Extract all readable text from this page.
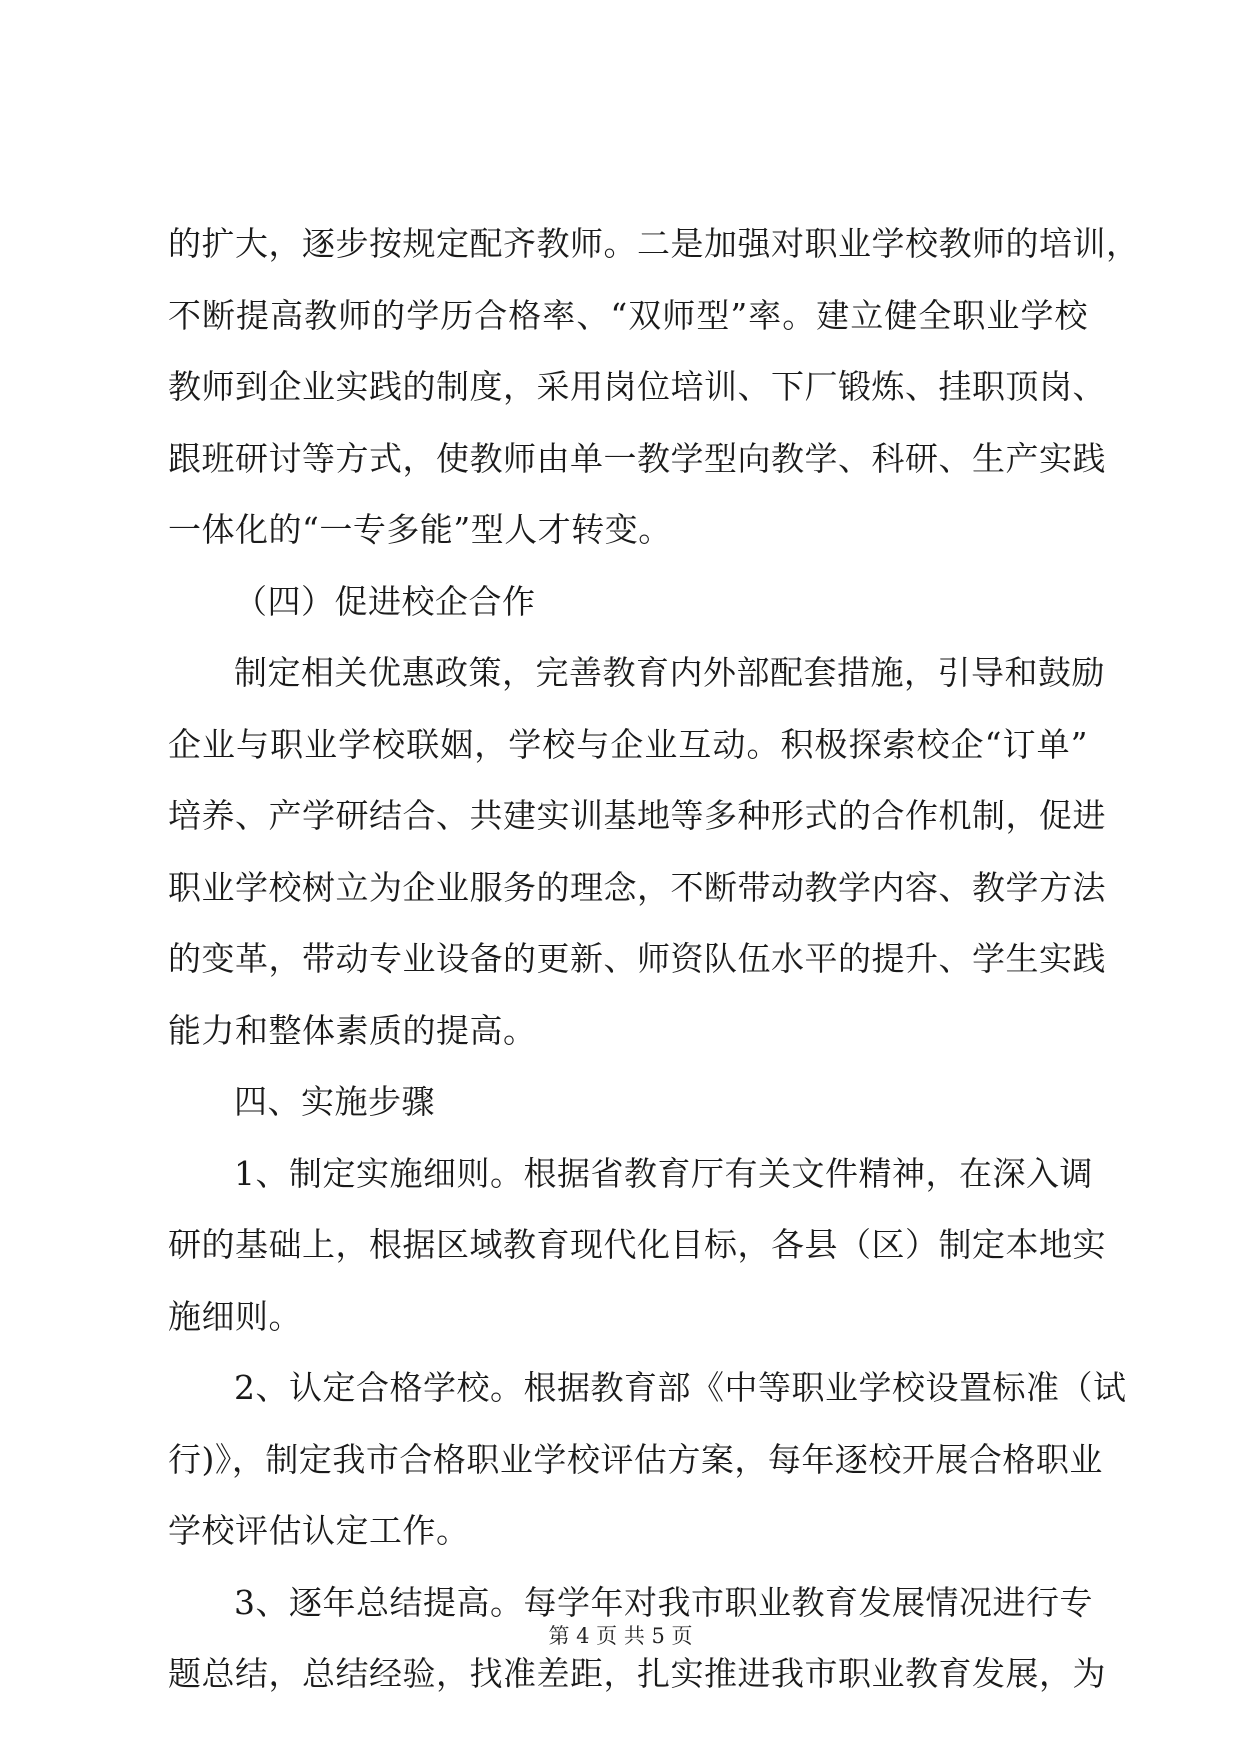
的扩大，逐步按规定配齐教师。二是加强对职业学校教师的培训，
不断提高教师的学历合格率、“双师型”率。建立健全职业学校
教师到企业实践的制度，采用岗位培训、下厂锻炼、挂职顶岗、
跟班研讨等方式，使教师由单一教学型向教学、科研、生产实践
一体化的“一专多能”型人才转变。
（四）促进校企合作
制定相关优惠政策，完善教育内外部配套措施，引导和鼓励
企业与职业学校联姻，学校与企业互动。积极探索校企“订单”
培养、产学研结合、共建实训基地等多种形式的合作机制，促进
职业学校树立为企业服务的理念，不断带动教学内容、教学方法
的变革，带动专业设备的更新、师资队伍水平的提升、学生实践
能力和整体素质的提高。
四、实施步骤
1、制定实施细则。根据省教育厅有关文件精神，在深入调
研的基础上，根据区域教育现代化目标，各县（区）制定本地实
施细则。
2、认定合格学校。根据教育部《中等职业学校设置标准（试
行)》，制定我市合格职业学校评估方案，每年逐校开展合格职业
学校评估认定工作。
3、逐年总结提高。每学年对我市职业教育发展情况进行专
题总结，总结经验，找准差距，扎实推进我市职业教育发展，为
第 4 页 共 5 页
